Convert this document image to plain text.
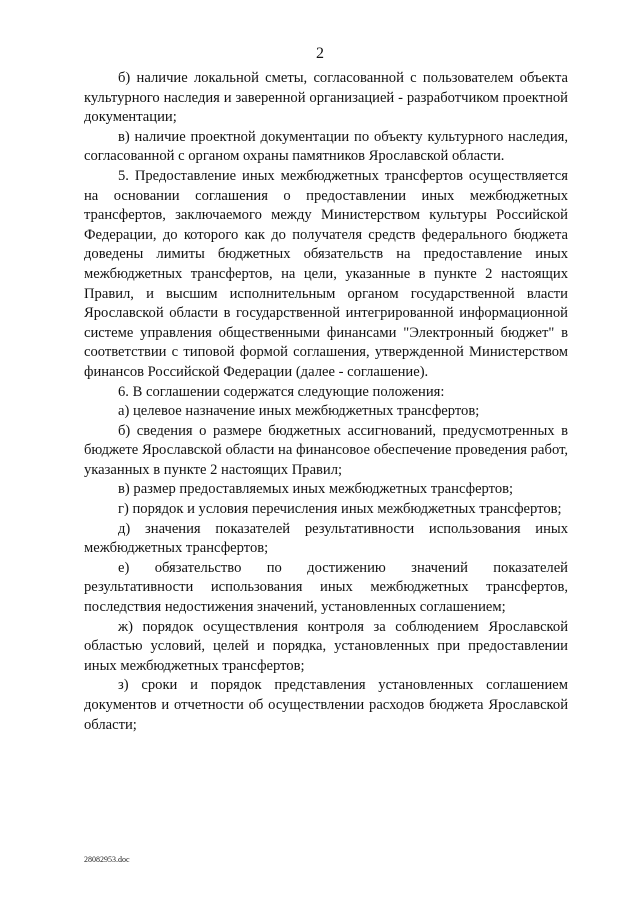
2

б) наличие локальной сметы, согласованной с пользователем объекта культурного наследия и заверенной организацией - разработчиком проектной документации;

в) наличие проектной документации по объекту культурного наследия, согласованной с органом охраны памятников Ярославской области.

5. Предоставление иных межбюджетных трансфертов осуществляется на основании соглашения о предоставлении иных межбюджетных трансфертов, заключаемого между Министерством культуры Российской Федерации, до которого как до получателя средств федерального бюджета доведены лимиты бюджетных обязательств на предоставление иных межбюджетных трансфертов, на цели, указанные в пункте 2 настоящих Правил, и высшим исполнительным органом государственной власти Ярославской области в государственной интегрированной информационной системе управления общественными финансами "Электронный бюджет" в соответствии с типовой формой соглашения, утвержденной Министерством финансов Российской Федерации (далее - соглашение).

6. В соглашении содержатся следующие положения:

а) целевое назначение иных межбюджетных трансфертов;

б) сведения о размере бюджетных ассигнований, предусмотренных в бюджете Ярославской области на финансовое обеспечение проведения работ, указанных в пункте 2 настоящих Правил;

в) размер предоставляемых иных межбюджетных трансфертов;

г) порядок и условия перечисления иных межбюджетных трансфертов;

д) значения показателей результативности использования иных межбюджетных трансфертов;

е) обязательство по достижению значений показателей результативности использования иных межбюджетных трансфертов, последствия недостижения значений, установленных соглашением;

ж) порядок осуществления контроля за соблюдением Ярославской областью условий, целей и порядка, установленных при предоставлении иных межбюджетных трансфертов;

з) сроки и порядок представления установленных соглашением документов и отчетности об осуществлении расходов бюджета Ярославской области;

28082953.doc
